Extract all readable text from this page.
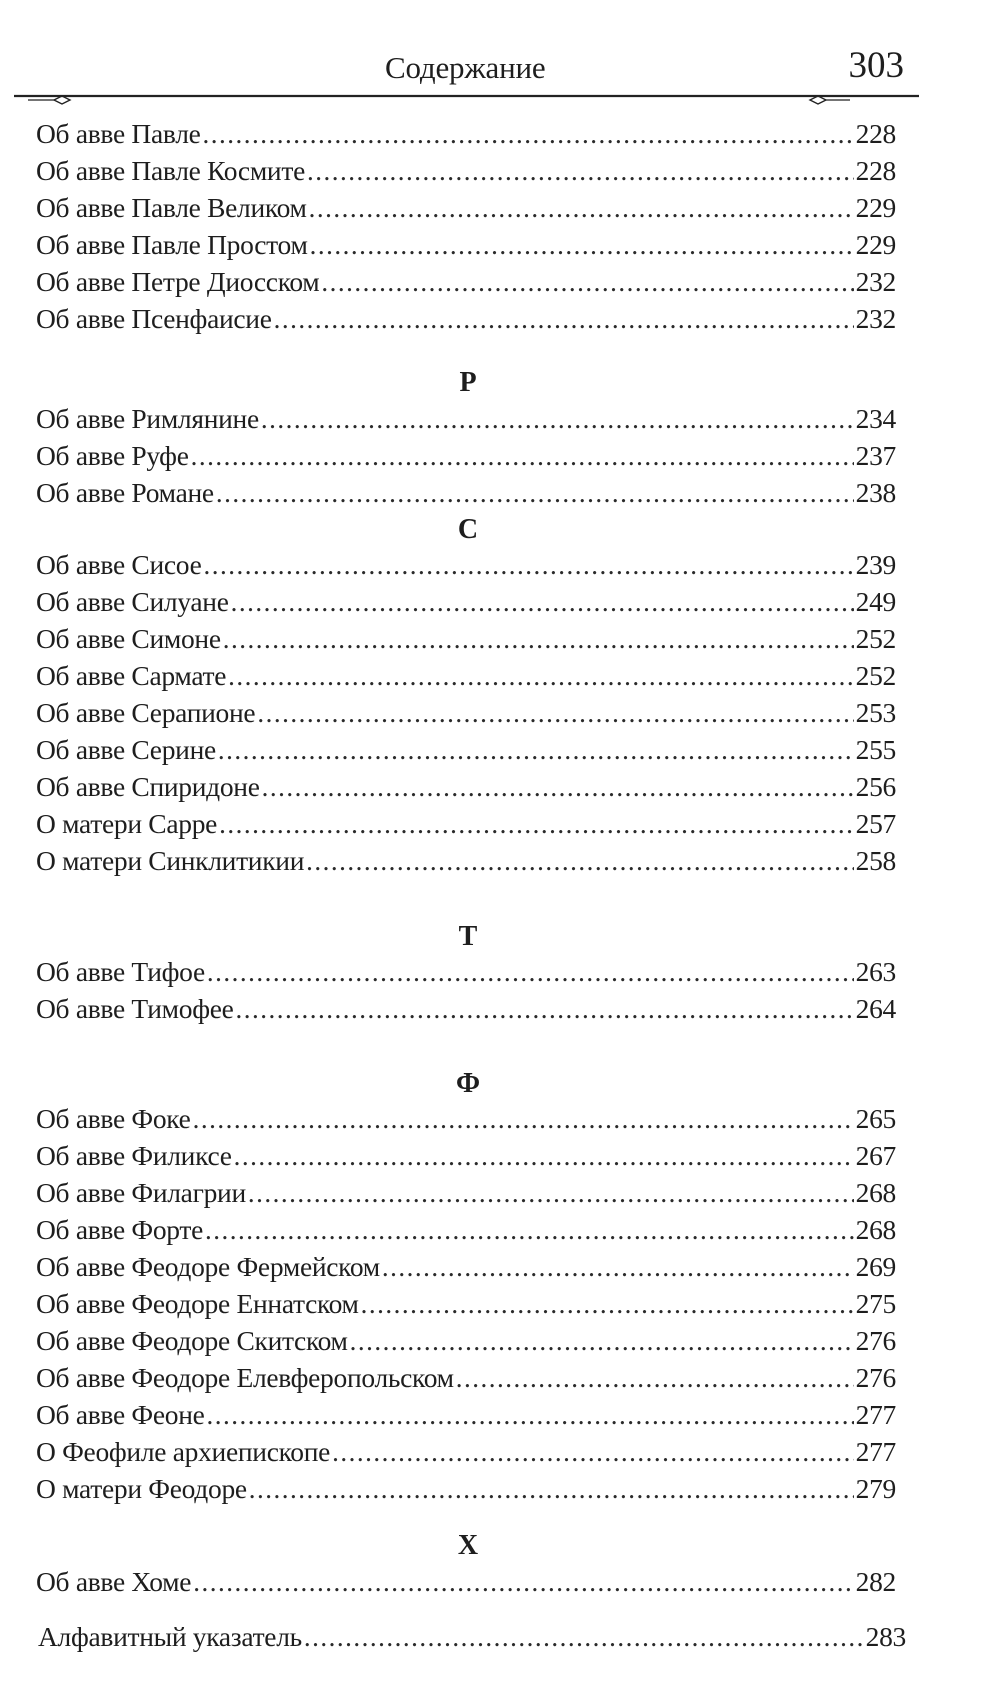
Содержание	303
Об авве Павле .....	228
Об авве Павле Космите .....	228
Об авве Павле Великом .....	229
Об авве Павле Простом .....	229
Об авве Петре Диосском .....	232
Об авве Псенфаисие .....	232
Р
Об авве Римлянине .....	234
Об авве Руфе .....	237
Об авве Романе .....	238
С
Об авве Сисое .....	239
Об авве Силуане .....	249
Об авве Симоне .....	252
Об авве Сармате .....	252
Об авве Серапионе .....	253
Об авве Серине .....	255
Об авве Спиридоне .....	256
О матери Сарре .....	257
О матери Синклитикии .....	258
Т
Об авве Тифое .....	263
Об авве Тимофее .....	264
Ф
Об авве Фоке .....	265
Об авве Филиксе .....	267
Об авве Филагрии .....	268
Об авве Форте .....	268
Об авве Феодоре Фермейском .....	269
Об авве Феодоре Еннатском .....	275
Об авве Феодоре Скитском .....	276
Об авве Феодоре Елевферопольском .....	276
Об авве Феоне .....	277
О Феофиле архиепископе .....	277
О матери Феодоре .....	279
Х
Об авве Хоме .....	282
Алфавитный указатель .....	283
